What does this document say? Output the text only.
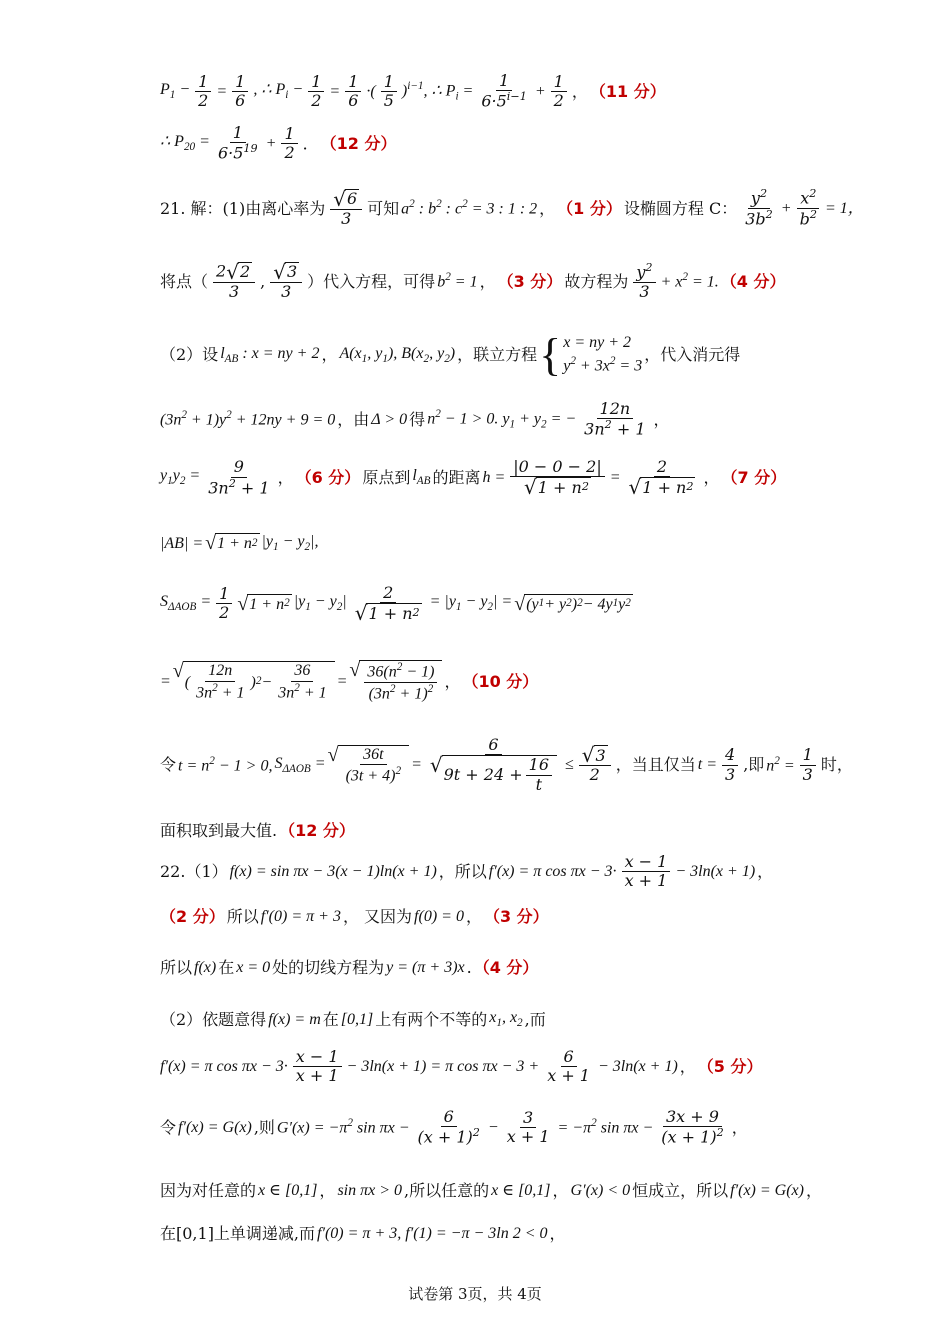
$P_1 - \frac{1}{2} = \frac{1}{6}$ , ∴ $P_i - \frac{1}{2} = \frac{1}{6}$ ·( $\frac{1}{5} )^{i-1}$, ∴ $P_i = \frac{1}{6\cdot 5^{i-1}} + \frac{1}{2}$ ， （11 分）
∴ $P_{20} = \frac{1}{6\cdot 5^{19}} + \frac{1}{2}$ ． （12 分）
21. 解：(1)由离心率为 $\frac{√ 6}{3}$ 可知 $a^2$ : $b^2$ : $c^2 = 3$ : 1 : 2 ， （1 分） 设椭圆方程 C： $\frac{y^2}{3b^2} + \frac{x^2}{b^2} = 1$，
将点（ $\frac{2 √ 2}{3}$ , $\frac{√ 3}{3}$ ）代入方程，可得 $b^2 = 1$ ， （3 分） 故方程为 $\frac{y^2}{3} + x^2 = 1$. （4 分）
（2）设 $l_{AB}$ : x = ny + 2 ， $A(x_1$, $y_1$), $B(x_2$, $y_2$) ，联立方程 { x = ny + 2
$y^2 + 3x^2 = 3$
，代入消元得
$(3n^2 + 1)y^2 + 12ny + 9 = 0$ ，由 Δ > 0 得 $n^2 - 1 > 0$. $y_1 + y_2$ = − $\frac{12n}{3n^2 + 1}$ ，
$y_1y_2 = \frac{9}{3n^2 + 1}$ ， （6 分） 原点到 $l_{AB}$ 的距离 $h = \frac{|0 - 0 - 2|}{√ 1 + n 2} = \frac{2}{√ 1 + n 2}$ ， （7 分）
|AB| = √ 1 + n 2 $|y_1 - y_2|$,
$S_{\Delta AOB} = \frac{1}{2}$ √ 1 + n 2 $|y_1 - y_2| \frac{2}{√ 1 + n 2} = |y_1 - y_2|$ = √ (y 1 + y 2 ) 2 − 4y 1 y 2
= √ ( $\frac{12n}{3n^2 + 1}$ ) $2 - \frac{36}{3n^2 + 1}$ =
√ $\frac{36(n^2 - 1)}{(3n^2 + 1)^2}$ ， （10 分）
令 $t = n^2 - 1 > 0$, $S_{\Delta AOB}$ = √ $\frac{36t}{(3t + 4)^2} = \frac{6}{√ 9t + 24 + \frac{16}{t}} \le \frac{√ 3}{2}$ ，当且仅当 $t = \frac{4}{3}$ ,即 $n^2 = \frac{1}{3}$ 时，
面积取到最大值. （12 分）
22.（1） f(x) = sin πx − 3(x − 1)ln(x + 1) ，所以 f′(x) = π $\cos \pi x - 3\cdot \frac{x - 1}{x + 1} - 3\ln(x + 1)$ ，
（2 分） 所以 f′(0) = π + 3 ， 又因为 f(0) = 0 ， （3 分）
所以 f(x) 在 x = 0 处的切线方程为 y = (π + 3)x . （4 分）
（2）依题意得 f(x) = m 在 [0,1] 上有两个不等的 $x_1$, $x_2$ ,而
f′(x) = π $\cos \pi x - 3\cdot \frac{x - 1}{x + 1} - 3\ln(x + 1) = \pi$ $\cos \pi x - 3 + \frac{6}{x + 1} - 3\ln(x + 1)$ ， （5 分）
令 f′(x) = G(x) ,则 $G'(x) = -\pi^2$ $\sin \pi x - \frac{6}{(x + 1)^2} - \frac{3}{x + 1} = -\pi^2$ $\sin \pi x - \frac{3x + 9}{(x + 1)^2}$ ，
因为对任意的 x ∈ [0,1] ， sin πx > 0 ,所以任意的 x ∈ [0,1] ， G′(x) < 0 恒成立，所以 f′(x) = G(x) ，
在[0,1]上单调递减,而 f′(0) = π + 3, f′(1) = −π − 3ln 2 < 0 ，
试卷第 3页，共 4页
